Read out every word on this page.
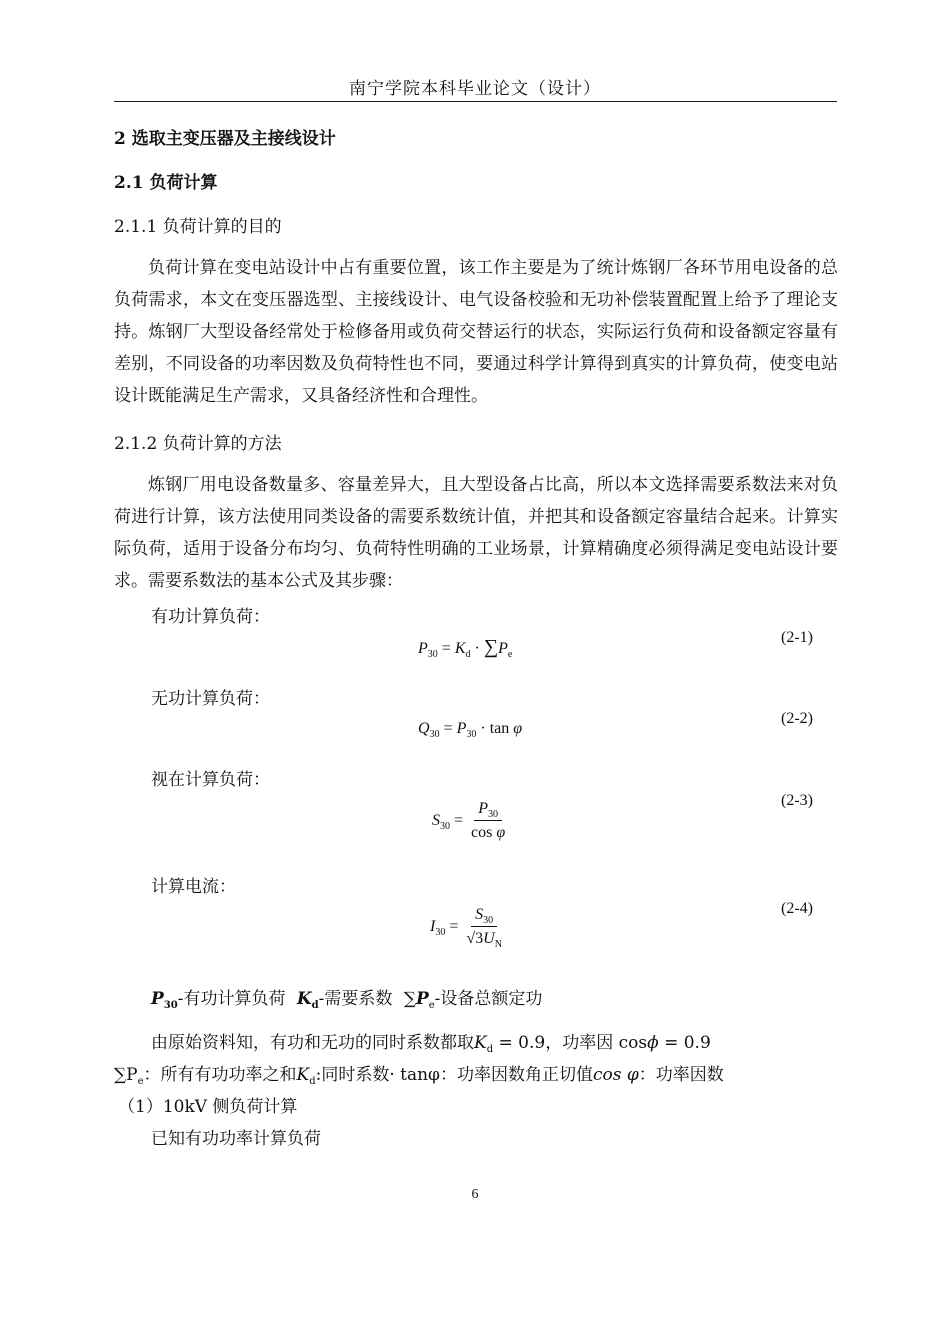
南宁学院本科毕业论文（设计）
2 选取主变压器及主接线设计
2.1 负荷计算
2.1.1 负荷计算的目的

负荷计算在变电站设计中占有重要位置，该工作主要是为了统计炼钢厂各环节用电设备的总负荷需求，本文在变压器选型、主接线设计、电气设备校验和无功补偿装置配置上给予了理论支持。炼钢厂大型设备经常处于检修备用或负荷交替运行的状态，实际运行负荷和设备额定容量有差别，不同设备的功率因数及负荷特性也不同，要通过科学计算得到真实的计算负荷，使变电站设计既能满足生产需求，又具备经济性和合理性。

2.1.2 负荷计算的方法

炼钢厂用电设备数量多、容量差异大，且大型设备占比高，所以本文选择需要系数法来对负荷进行计算，该方法使用同类设备的需要系数统计值，并把其和设备额定容量结合起来。计算实际负荷，适用于设备分布均匀、负荷特性明确的工业场景，计算精确度必须得满足变电站设计要求。需要系数法的基本公式及其步骤：

有功计算负荷：
$P_{30} = K_d \cdot \sum P_e$
(2-1)
无功计算负荷：
$Q_{30} = P_{30} \cdot \tan \varphi$
(2-2)
视在计算负荷：
$S_{30} = \frac{P_{30}}{\text{cos φ}}$	(2-3)
计算电流：
$I_{30} = \frac{S_{30}}{√3U_N}$	(2-4)
$P_{30}-$有功计算负荷 $K_d-$需要系数 $\sum P_e-$设备总额定功
由原始资料知，有功和无功的同时系数都取$K_d = 0.9$，功率因 cosϕ = 0.9
$\sum P_e$：所有有功功率之和$K_d$:同时系数· tanφ：功率因数角正切值cos φ：功率因数
（1）10kV 侧负荷计算
已知有功功率计算负荷
6
